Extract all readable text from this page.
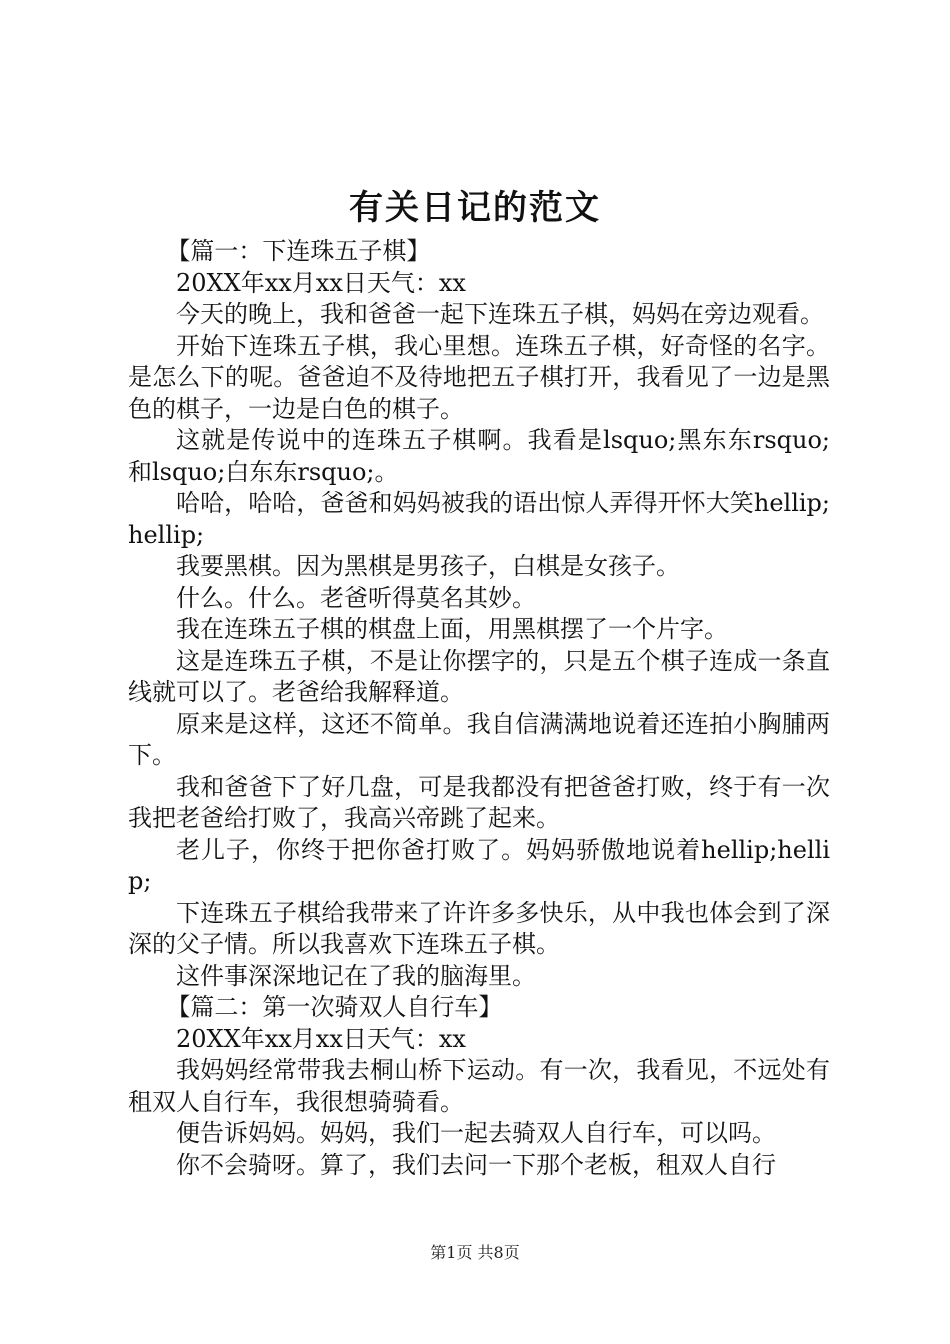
有关日记的范文

【篇一：下连珠五子棋】

20XX年xx月xx日天气：xx

今天的晚上，我和爸爸一起下连珠五子棋，妈妈在旁边观看。

开始下连珠五子棋，我心里想。连珠五子棋，好奇怪的名字。是怎么下的呢。爸爸迫不及待地把五子棋打开，我看见了一边是黑色的棋子，一边是白色的棋子。

这就是传说中的连珠五子棋啊。我看是lsquo;黑东东rsquo;和lsquo;白东东rsquo;。

哈哈，哈哈，爸爸和妈妈被我的语出惊人弄得开怀大笑hellip;hellip;

我要黑棋。因为黑棋是男孩子，白棋是女孩子。

什么。什么。老爸听得莫名其妙。

我在连珠五子棋的棋盘上面，用黑棋摆了一个片字。

这是连珠五子棋，不是让你摆字的，只是五个棋子连成一条直线就可以了。老爸给我解释道。

原来是这样，这还不简单。我自信满满地说着还连拍小胸脯两下。

我和爸爸下了好几盘，可是我都没有把爸爸打败，终于有一次我把老爸给打败了，我高兴帝跳了起来。

老儿子，你终于把你爸打败了。妈妈骄傲地说着hellip;hellip;

下连珠五子棋给我带来了许许多多快乐，从中我也体会到了深深的父子情。所以我喜欢下连珠五子棋。

这件事深深地记在了我的脑海里。

【篇二：第一次骑双人自行车】

20XX年xx月xx日天气：xx

我妈妈经常带我去桐山桥下运动。有一次，我看见，不远处有租双人自行车，我很想骑骑看。

便告诉妈妈。妈妈，我们一起去骑双人自行车，可以吗。

你不会骑呀。算了，我们去问一下那个老板，租双人自行

第1页 共8页
